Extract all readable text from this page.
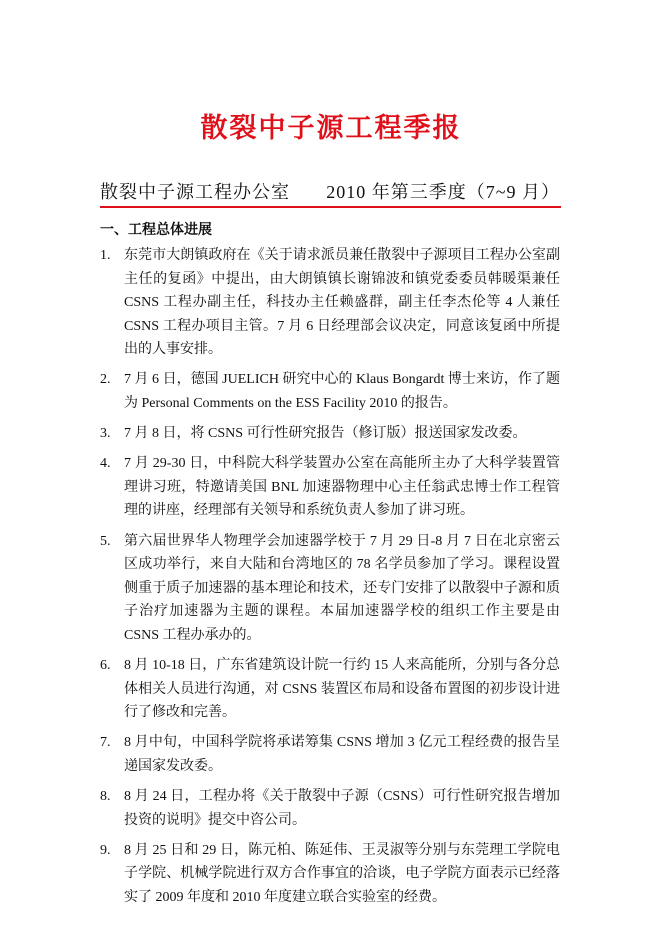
散裂中子源工程季报
散裂中子源工程办公室 2010 年第三季度（7~9 月）
一、工程总体进展
1. 东莞市大朗镇政府在《关于请求派员兼任散裂中子源项目工程办公室副主任的复函》中提出，由大朗镇镇长谢锦波和镇党委委员韩暖渠兼任 CSNS 工程办副主任，科技办主任赖盛群，副主任李杰伦等 4 人兼任 CSNS 工程办项目主管。7 月 6 日经理部会议决定，同意该复函中所提出的人事安排。
2. 7 月 6 日，德国 JUELICH 研究中心的 Klaus Bongardt 博士来访，作了题为 Personal Comments on the ESS Facility 2010 的报告。
3. 7 月 8 日，将 CSNS 可行性研究报告（修订版）报送国家发改委。
4. 7 月 29-30 日，中科院大科学装置办公室在高能所主办了大科学装置管理讲习班，特邀请美国 BNL 加速器物理中心主任翁武忠博士作工程管理的讲座，经理部有关领导和系统负责人参加了讲习班。
5. 第六届世界华人物理学会加速器学校于 7 月 29 日-8 月 7 日在北京密云区成功举行，来自大陆和台湾地区的 78 名学员参加了学习。课程设置侧重于质子加速器的基本理论和技术，还专门安排了以散裂中子源和质子治疗加速器为主题的课程。本届加速器学校的组织工作主要是由 CSNS 工程办承办的。
6. 8 月 10-18 日，广东省建筑设计院一行约 15 人来高能所，分别与各分总体相关人员进行沟通，对 CSNS 装置区布局和设备布置图的初步设计进行了修改和完善。
7. 8 月中旬，中国科学院将承诺筹集 CSNS 增加 3 亿元工程经费的报告呈递国家发改委。
8. 8 月 24 日，工程办将《关于散裂中子源（CSNS）可行性研究报告增加投资的说明》提交中咨公司。
9. 8 月 25 日和 29 日，陈元柏、陈延伟、王灵淑等分别与东莞理工学院电子学院、机械学院进行双方合作事宜的洽谈，电子学院方面表示已经落实了 2009 年度和 2010 年度建立联合实验室的经费。
